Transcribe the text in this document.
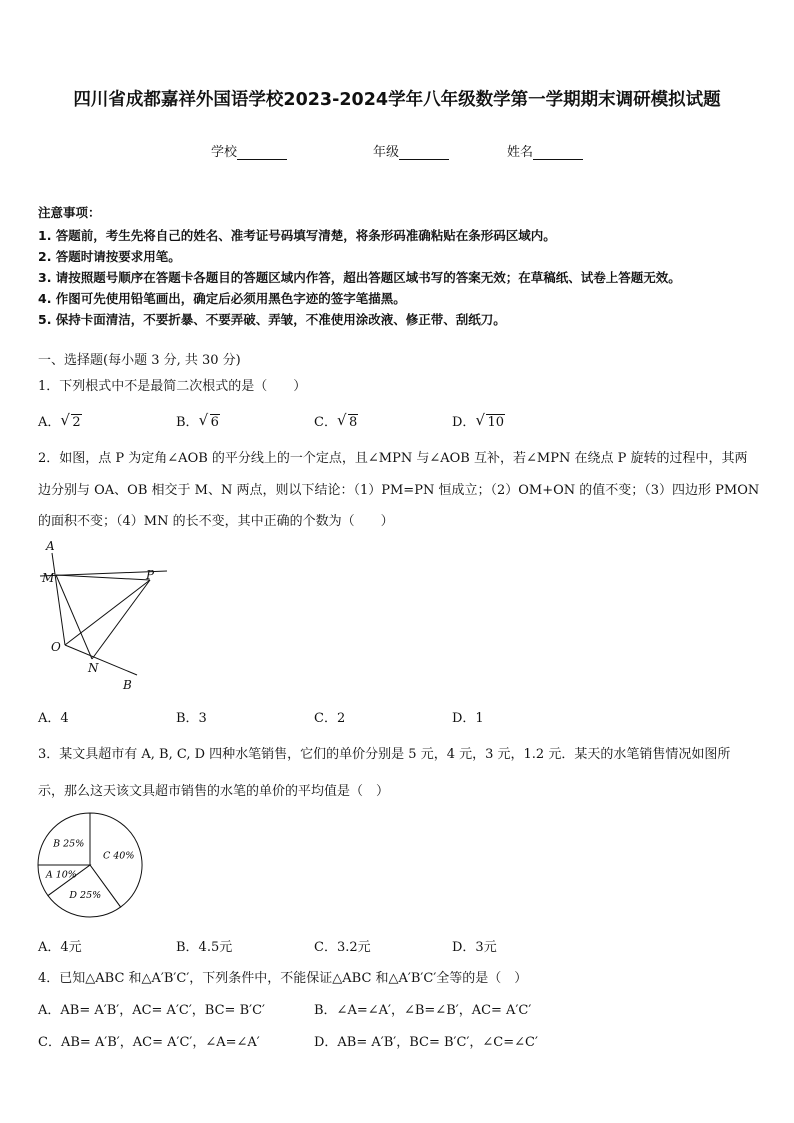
四川省成都嘉祥外国语学校2023-2024学年八年级数学第一学期期末调研模拟试题
学校	年级	姓名
注意事项：
1. 答题前，考生先将自己的姓名、准考证号码填写清楚，将条形码准确粘贴在条形码区域内。
2. 答题时请按要求用笔。
3. 请按照题号顺序在答题卡各题目的答题区域内作答，超出答题区域书写的答案无效；在草稿纸、试卷上答题无效。
4. 作图可先使用铅笔画出，确定后必须用黑色字迹的签字笔描黑。
5. 保持卡面清洁，不要折暴、不要弄破、弄皱，不准使用涂改液、修正带、刮纸刀。
一、选择题(每小题 3 分, 共 30 分)
1．下列根式中不是最简二次根式的是（　　）
A． √ 2	B． √ 6	C． √ 8	D． √ 10
2．如图，点 P 为定角∠AOB 的平分线上的一个定点，且∠MPN 与∠AOB 互补，若∠MPN 在绕点 P 旋转的过程中，其两
边分别与 OA、OB 相交于 M、N 两点，则以下结论：（1）PM=PN 恒成立；（2）OM+ON 的值不变；（3）四边形 PMON
的面积不变；（4）MN 的长不变，其中正确的个数为（　　）
A
M	P
O
N
B
A．4	B．3	C．2	D．1
3．某文具超市有 A, B, C, D 四种水笔销售，它们的单价分别是 5 元，4 元，3 元，1.2 元．某天的水笔销售情况如图所
示，那么这天该文具超市销售的水笔的单价的平均值是（　）
C 40%
D 25%
A 10%
B 25%
A．4元	B．4.5元	C．3.2元	D．3元
4．已知△ABC 和△A′B′C′，下列条件中，不能保证△ABC 和△A′B′C′全等的是（　）
A．AB= A′B′，AC= A′C′，BC= B′C′	B．∠A=∠A′，∠B=∠B′，AC= A′C′
C．AB= A′B′，AC= A′C′，∠A=∠A′	D．AB= A′B′，BC= B′C′，∠C=∠C′
